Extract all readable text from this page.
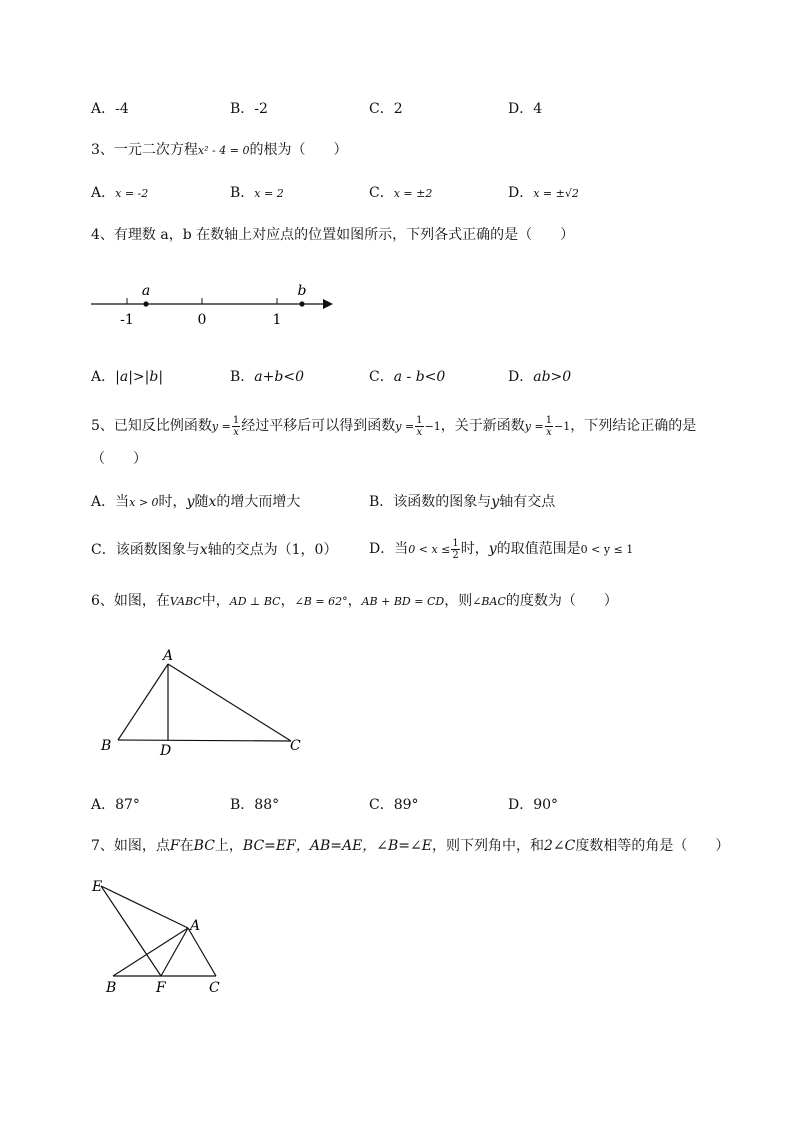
A．-4	B．-2	C．2	D．4
3、一元二次方程x² - 4 = 0的根为（　　）
A．x = -2	B．x = 2	C．x = ±2	D．x = ±√2
4、有理数 a，b 在数轴上对应点的位置如图所示，下列各式正确的是（　　）
a	b
-1	0	1
A．|a|>|b|	B．a+b<0	C．a - b<0	D．ab>0
5、已知反比例函数$y = \frac{1}{x}$ 经过平移后可以得到函数$y = \frac{1}{x} -1$，关于新函数$y = \frac{1}{x} -1$，下列结论正确的是
（　　）
A．当x > 0时，y随x的增大而增大	B．该函数的图象与y轴有交点
C．该函数图象与x轴的交点为（1，0） D．当$0 < x \le \frac{1}{2}$ 时，y的取值范围是0 < y ≤ 1
6、如图，在VABC中，AD ⊥ BC，∠B = 62°，AB + BD = CD，则∠BAC的度数为（　　）
A
B	D	C
A．87°	B．88°	C．89°	D．90°
7、如图，点F在BC上，BC=EF，AB=AE，∠B=∠E，则下列角中，和2∠C度数相等的角是（　　）
E
A
B	F	C
